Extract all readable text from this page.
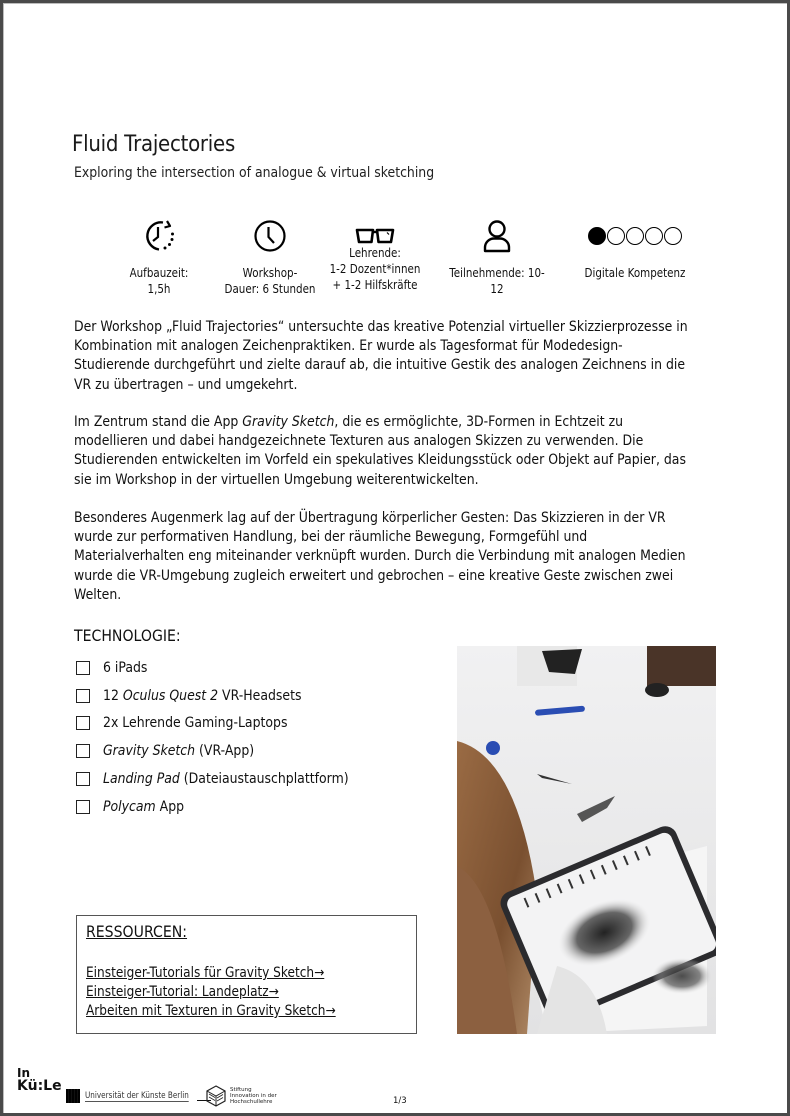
Fluid Trajectories
Exploring the intersection of analogue & virtual sketching
Aufbauzeit:
1,5h
Workshop-
Dauer: 6 Stunden
Lehrende:
1-2 Dozent*innen
+ 1-2 Hilfskräfte
Teilnehmende: 10-12
Digitale Kompetenz

Der Workshop „Fluid Trajectories“ untersuchte das kreative Potenzial virtueller Skizzierprozesse in Kombination mit analogen Zeichenpraktiken. Er wurde als Tagesformat für Modedesign-Studierende durchgeführt und zielte darauf ab, die intuitive Gestik des analogen Zeichnens in die VR zu übertragen – und umgekehrt.

Im Zentrum stand die App Gravity Sketch, die es ermöglichte, 3D-Formen in Echtzeit zu modellieren und dabei handgezeichnete Texturen aus analogen Skizzen zu verwenden. Die Studierenden entwickelten im Vorfeld ein spekulatives Kleidungsstück oder Objekt auf Papier, das sie im Workshop in der virtuellen Umgebung weiterentwickelten.

Besonderes Augenmerk lag auf der Übertragung körperlicher Gesten: Das Skizzieren in der VR wurde zur performativen Handlung, bei der räumliche Bewegung, Formgefühl und Materialverhalten eng miteinander verknüpft wurden. Durch die Verbindung mit analogen Medien wurde die VR-Umgebung zugleich erweitert und gebrochen – eine kreative Geste zwischen zwei Welten.

TECHNOLOGIE:
6 iPads
12 Oculus Quest 2 VR-Headsets
2x Lehrende Gaming-Laptops
Gravity Sketch (VR-App)
Landing Pad (Dateiaustauschplattform)
Polycam App
RESSOURCEN:
Einsteiger-Tutorials für Gravity Sketch→
Einsteiger-Tutorial: Landeplatz→
Arbeiten mit Texturen in Gravity Sketch→
In
Kü:Le
Universität der Künste Berlin
Stiftung
Innovation in der
Hochschullehre	1/3
